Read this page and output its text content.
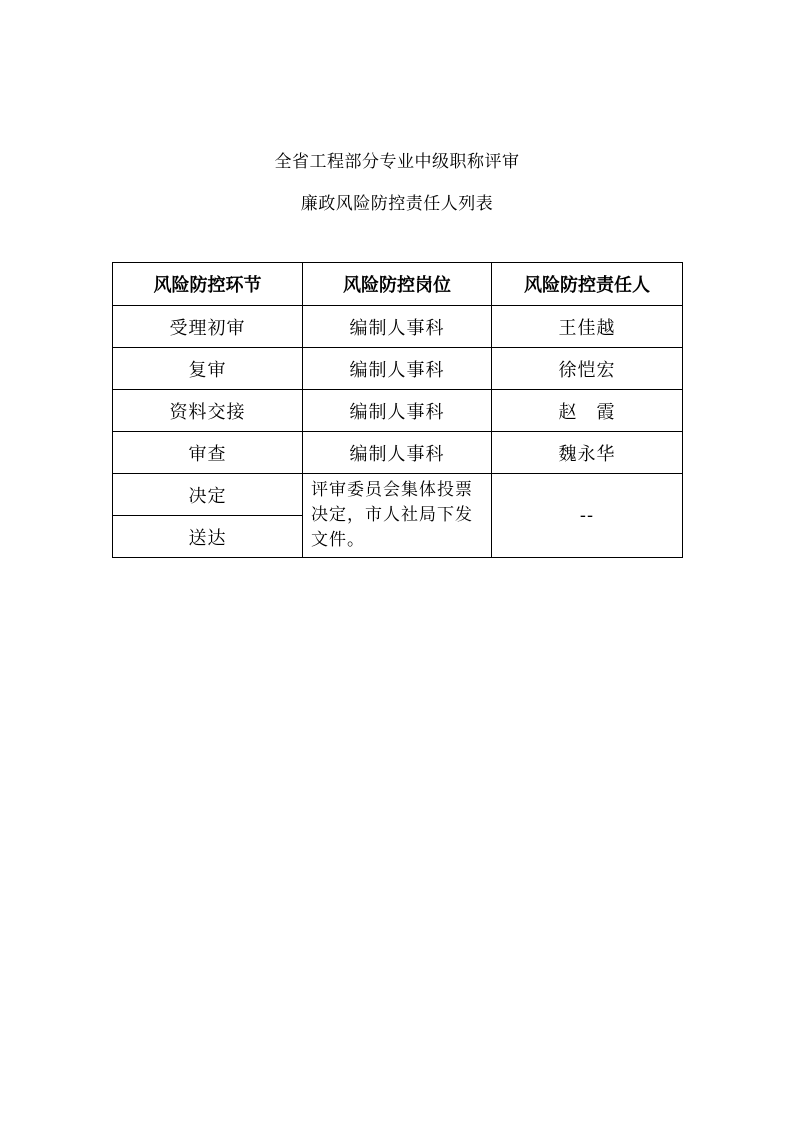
全省工程部分专业中级职称评审
廉政风险防控责任人列表
风险防控环节	风险防控岗位	风险防控责任人
受理初审	编制人事科	王佳越
复审	编制人事科	徐恺宏
资料交接	编制人事科	赵　霞
审查	编制人事科	魏永华
决定	评审委员会集体投票决定，市人社局下发文件。	--
送达		
